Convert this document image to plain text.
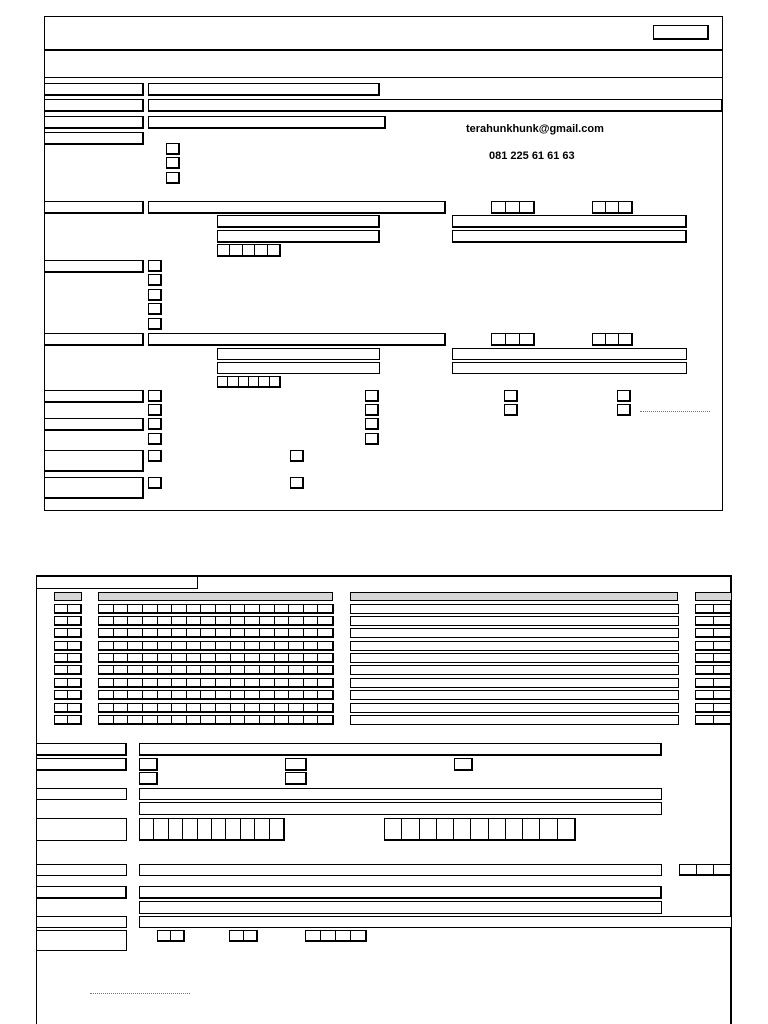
terahunkhunk@gmail.com
081 225 61 61 63
